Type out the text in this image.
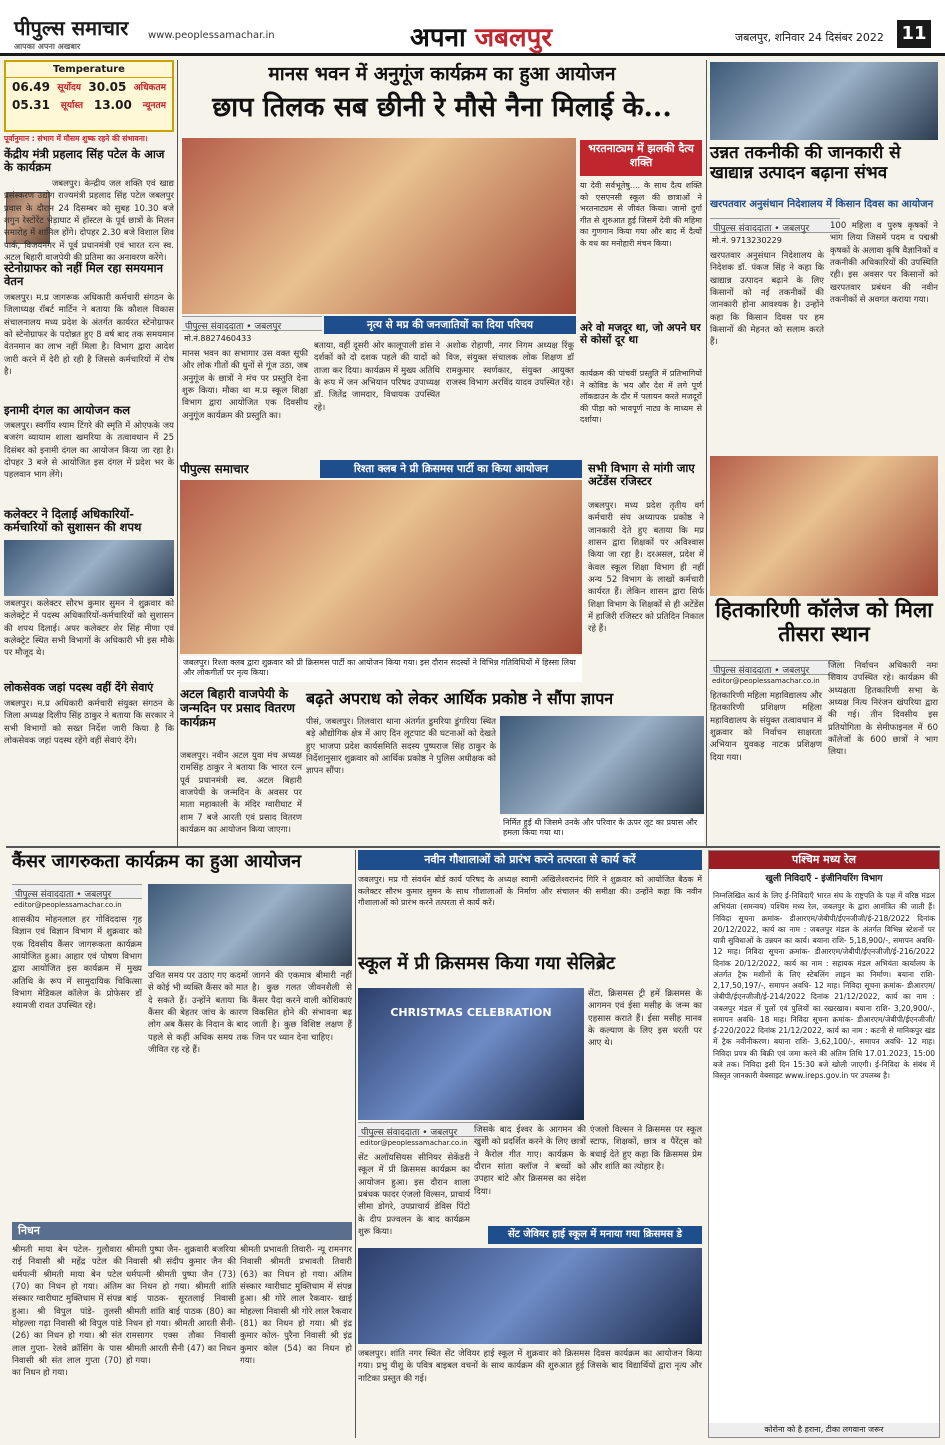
पीपुल्स समाचार
आपका अपना अखबार
www.peoplessamachar.in	अपना जबलपुर	जबलपुर, शनिवार 24 दिसंबर 2022 11
Temperature
06.49 सूर्योदय 30.05 अधिकतम
05.31 सूर्यास्त 13.00 न्यूनतम
पूर्वानुमान : संभाग में मौसम शुष्क रहने की संभावना।
केंद्रीय मंत्री प्रहलाद सिंह पटेल के आज के कार्यक्रम
जबलपुर। केन्द्रीय जल शक्ति एवं खाद्य प्रसंस्करण उद्योग राज्यमंत्री प्रहलाद सिंह पटेल जबलपुर प्रवास के दौरान 24 दिसम्बर को सुबह 10.30 बजे शगुन रेस्टोरेंट भेड़ाघाट में हॉस्टल के पूर्व छात्रों के मिलन समारोह में शामिल होंगे। दोपहर 2.30 बजे विशाल शिव पार्क, विजयनगर में पूर्व प्रधानमंत्री एवं भारत रत्न स्व. अटल बिहारी वाजपेयी की प्रतिमा का अनावरण करेंगे।
स्टेनोग्राफर को नहीं मिल रहा समयमान वेतन
जबलपुर। म.प्र जागरूक अधिकारी कर्मचारी संगठन के जिलाध्यक्ष रॉबर्ट मार्टिन ने बताया कि कौशल विकास संचालनालय मध्य प्रदेश के अंतर्गत कार्यरत स्टेनोग्राफर को स्टेनोग्राफर के पदोन्नत हुए 8 वर्ष बाद तक समयमान वेतनमान का लाभ नहीं मिला है। विभाग द्वारा आदेश जारी करने में देरी हो रही है जिससे कर्मचारियों में रोष है।
इनामी दंगल का आयोजन कल
जबलपुर। स्वर्गीय श्याम टिंगरे की स्मृति में ओएफके जय बजरंग व्यायाम शाला खमरिया के तत्वावधान में 25 दिसंबर को इनामी दंगल का आयोजन किया जा रहा है। दोपहर 3 बजे से आयोजित इस दंगल में प्रदेश भर के पहलवान भाग लेंगे।
कलेक्टर ने दिलाई अधिकारियों-कर्मचारियों को सुशासन की शपथ
जबलपुर। कलेक्टर सौरभ कुमार सुमन ने शुक्रवार को कलेक्ट्रेट में पदस्थ अधिकारियों-कर्मचारियों को सुशासन की शपथ दिलाई। अपर कलेक्टर शेर सिंह मीणा एवं कलेक्ट्रेट स्थित सभी विभागों के अधिकारी भी इस मौके पर मौजूद थे।
लोकसेवक जहां पदस्थ वहीं देंगे सेवाएं
जबलपुर। म.प्र अधिकारी कर्मचारी संयुक्त संगठन के जिला अध्यक्ष दिलीप सिंह ठाकुर ने बताया कि सरकार ने सभी विभागों को सख्त निर्देश जारी किया है कि लोकसेवक जहां पदस्थ रहेंगे वहीं सेवाएं देंगे।
मानस भवन में अनुगूंज कार्यक्रम का हुआ आयोजन
छाप तिलक सब छीनी रे मौसे नैना मिलाई के...
पीपुल्स संवाददाता • जबलपुर
मो.नं.8827460433
नृत्य से मप्र की जनजातियों का दिया परिचय
भरतनाट्यम में झलकी दैत्य शक्ति
या देवी सर्वभूतेषु.... के साथ दैत्य शक्ति को एसएनसी स्कूल की छात्राओं ने भरतनाट्यम से जीवंत किया। जामो दुर्गा गीत से शुरुआत हुई जिसमें देवी की महिमा का गुणगान किया गया और बाद में दैत्यों के वध का मनोहारी मंचन किया।
अरे वो मजदूर था, जो अपने घर से कोसों दूर था
कार्यक्रम की पांचवीं प्रस्तुति में प्रतिभागियों ने कोविड के भय और देश में लगे पूर्ण लॉकडाउन के दौर में पलायन करते मजदूरों की पीड़ा को भावपूर्ण नाट्य के माध्यम से दर्शाया।
मानस भवन का सभागार उस वक्त सूफी और लोक गीतों की धुनों से गूंज उठा, जब अनुगूंज के छात्रों ने मंच पर प्रस्तुति देना शुरू किया। मौका था म.प्र स्कूल शिक्षा विभाग द्वारा आयोजित एक दिवसीय अनुगूंज कार्यक्रम की प्रस्तुति का।
बताया, वहीं दूसरी ओर कालूपाली डांस ने दर्शकों को दो दशक पहले की यादों को ताजा कर दिया। कार्यक्रम में मुख्य अतिथि के रूप में जन अभियान परिषद उपाध्यक्ष डॉ. जितेंद्र जामदार, विधायक उपस्थित रहे।
अशोक रोहाणी, नगर निगम अध्यक्ष रिंकू विज, संयुक्त संचालक लोक शिक्षण डॉ रामकुमार स्वर्णकार, संयुक्त आयुक्त राजस्व विभाग अरविंद यादव उपस्थित रहे।
उन्नत तकनीकी की जानकारी से खाद्यान्न उत्पादन बढ़ाना संभव
खरपतवार अनुसंधान निदेशालय में किसान दिवस का आयोजन
पीपुल्स संवाददाता • जबलपुर
मो.नं. 9713230229
खरपतवार अनुसंधान निदेशालय के निदेशक डॉ. पंकज सिंह ने कहा कि खाद्यान्न उत्पादन बढ़ाने के लिए किसानों को नई तकनीकों की जानकारी होना आवश्यक है। उन्होंने कहा कि किसान दिवस पर हम किसानों की मेहनत को सलाम करते हैं।
100 महिला व पुरुष कृषकों ने भाग लिया जिसमें पदम व पद्मश्री कृषकों के अलावा कृषि वैज्ञानिकों व तकनीकी अधिकारियों की उपस्थिति रही। इस अवसर पर किसानों को खरपतवार प्रबंधन की नवीन तकनीकों से अवगत कराया गया।
पीपुल्स समाचार	रिश्ता क्लब ने प्री क्रिसमस पार्टी का किया आयोजन
जबलपुर। रिश्ता क्लब द्वारा शुक्रवार को प्री क्रिसमस पार्टी का आयोजन किया गया। इस दौरान सदस्यों ने विभिन्न गतिविधियों में हिस्सा लिया और लोकगीतों पर नृत्य किया।
सभी विभाग से मांगी जाए अटेंडेंस रजिस्टर
जबलपुर। मध्य प्रदेश तृतीय वर्ग कर्मचारी संघ अध्यापक प्रकोष्ठ ने जानकारी देते हुए बताया कि मप्र शासन द्वारा शिक्षकों पर अविश्वास किया जा रहा है। दरअसल, प्रदेश में केवल स्कूल शिक्षा विभाग ही नहीं अन्य 52 विभाग के लाखों कर्मचारी कार्यरत हैं। लेकिन शासन द्वारा सिर्फ शिक्षा विभाग के शिक्षकों से ही अटेंडेंस में हाजिरी रजिस्टर को प्रतिदिन निकाल रहे हैं।
हितकारिणी कॉलेज को मिला तीसरा स्थान
पीपुल्स संवाददाता • जबलपुर
editor@peoplessamachar.co.in
हितकारिणी महिला महाविद्यालय और हितकारिणी प्रशिक्षण महिला महाविद्यालय के संयुक्त तत्वावधान में शुक्रवार को निर्वाचन साक्षरता अभियान युवकड़ नाटक प्रशिक्षण दिया गया।
जिला निर्वाचन अधिकारी नमः शिवाय उपस्थित रहे। कार्यक्रम की अध्यक्षता हितकारिणी सभा के अध्यक्ष नित्य निरंजन खंपरिया द्वारा की गई। तीन दिवसीय इस प्रतियोगिता के सेमीफाइनल में 60 कॉलेजों के 600 छात्रों ने भाग लिया।
अटल बिहारी वाजपेयी के जन्मदिन पर प्रसाद वितरण कार्यक्रम
जबलपुर। नवीन अटल युवा मंच अध्यक्ष रामसिंह ठाकुर ने बताया कि भारत रत्न पूर्व प्रधानमंत्री स्व. अटल बिहारी वाजपेयी के जन्मदिन के अवसर पर माता महाकाली के मंदिर ग्वारीघाट में शाम 7 बजे आरती एवं प्रसाद वितरण कार्यक्रम का आयोजन किया जाएगा।
बढ़ते अपराध को लेकर आर्थिक प्रकोष्ठ ने सौंपा ज्ञापन
पीसं, जबलपुर। तिलवारा थाना अंतर्गत डुमरिया डुंगरिया स्थित बड़े औद्योगिक क्षेत्र में आए दिन लूटपाट की घटनाओं को देखते हुए भाजपा प्रदेश कार्यसमिति सदस्य पुष्पराज सिंह ठाकुर के निर्देशानुसार शुक्रवार को आर्थिक प्रकोष्ठ ने पुलिस अधीक्षक को ज्ञापन सौंपा।
निर्मित हुई थी जिसमे उनके और परिवार के ऊपर लूट का प्रयास और हमला किया गया था।
कैंसर जागरुकता कार्यक्रम का हुआ आयोजन
पीपुल्स संवाददाता • जबलपुर
editor@peoplessamachar.co.in
शासकीय मोहनलाल हर गोविंददास गृह विज्ञान एवं विज्ञान विभाग में शुक्रवार को एक दिवसीय कैंसर जागरूकता कार्यक्रम आयोजित हुआ। आहार एवं पोषण विभाग द्वारा आयोजित इस कार्यक्रम में मुख्य अतिथि के रूप में सामुदायिक चिकित्सा विभाग मेडिकल कॉलेज के प्रोफेसर डॉ श्यामजी रावत उपस्थित रहे।
उचित समय पर उठाए गए कदमों से कोई भी व्यक्ति कैंसर को मात दे सकते हैं। उन्होंने बताया कि कैंसर की बेहतर जांच के कारण लोग अब कैंसर के निदान के बाद पहले से कहीं अधिक समय तक जीवित रह रहे हैं।
जागने की एकमात्र बीमारी नहीं है। कुछ गलत जीवनशैली से कैंसर पैदा करने वाली कोशिकाएं विकसित होने की संभावना बढ़ जाती है। कुछ विशिष्ट लक्षण हैं जिन पर ध्यान देना चाहिए।
नवीन गौशालाओं को प्रारंभ करने तत्परता से कार्य करें
जबलपुर। मप्र गौ संवर्धन बोर्ड कार्य परिषद के अध्यक्ष स्वामी अखिलेश्वरानंद गिरि ने शुक्रवार को आयोजित बैठक में कलेक्टर सौरभ कुमार सुमन के साथ गौशालाओं के निर्माण और संचालन की समीक्षा की। उन्होंने कहा कि नवीन गौशालाओं को प्रारंभ करने तत्परता से कार्य करें।
स्कूल में प्री क्रिसमस किया गया सेलिब्रेट
CHRISTMAS CELEBRATION
सेंटा, क्रिसमस ट्री हमें क्रिसमस के आगमन एवं ईसा मसीह के जन्म का एहसास कराते हैं। ईसा मसीह मानव के कल्याण के लिए इस धरती पर आए थे।
पीपुल्स संवाददाता • जबलपुर
editor@peoplessamachar.co.in
सेंट अलॉयसियस सीनियर सेकेंडरी स्कूल में प्री क्रिसमस कार्यक्रम का आयोजन हुआ। इस दौरान शाला प्रबंधक फादर एंजलो विल्सन, प्राचार्य सीमा डोगरे, उपप्राचार्य डेविस पिंटो के दीप प्रज्वलन के बाद कार्यक्रम शुरू किया।
जिसके बाद ईश्वर के आगमन की खुशी को प्रदर्शित करने के लिए छात्रों ने कैरोल गीत गाए। कार्यक्रम के दौरान सांता क्लॉज ने बच्चों को उपहार बांटे और क्रिसमस का संदेश दिया।
एंजलो विल्सन ने क्रिसमस पर स्कूल स्टाफ, शिक्षकों, छात्र व पैरेंट्स को बधाई देते हुए कहा कि क्रिसमस प्रेम और शांति का त्योहार है।
सेंट जेवियर हाई स्कूल में मनाया गया क्रिसमस डे
जबलपुर। शांति नगर स्थित सेंट जेवियर हाई स्कूल में शुक्रवार को क्रिसमस दिवस कार्यक्रम का आयोजन किया गया। प्रभु यीशु के पवित्र बाइबल वचनों के साथ कार्यक्रम की शुरुआत हुई जिसके बाद विद्यार्थियों द्वारा नृत्य और नाटिका प्रस्तुत की गई।
निधन
श्रीमती माया बेन पटेल- गुलौवारा राई निवासी श्री महेंद्र पटेल की धर्मपत्नी श्रीमती माया बेन पटेल (70) का निधन हो गया। अंतिम संस्कार ग्वारीघाट मुक्तिधाम में संपन्न हुआ। श्री विपुल पांडे- तुलसी मोहल्ला गढ़ा निवासी श्री विपुल पांडे (26) का निधन हो गया। श्री संत लाल गुप्ता- रेलवे क्रॉसिंग के पास निवासी श्री संत लाल गुप्ता (70) का निधन हो गया।
श्रीमती पुष्पा जैन- शुक्रवारी बजरिया निवासी श्री संदीप कुमार जैन की धर्मपत्नी श्रीमती पुष्पा जैन (73) का निधन हो गया। श्रीमती शांति बाई पाठक- सूरतलाई निवासी श्रीमती शांति बाई पाठक (80) का निधन हो गया। श्रीमती आरती सैनी- रामसागर एक्स तौका निवासी श्रीमती आरती सैनी (47) का निधन हो गया।
श्रीमती प्रभावती तिवारी- न्यू रामनगर निवासी श्रीमती प्रभावती तिवारी (63) का निधन हो गया। अंतिम संस्कार ग्वारीघाट मुक्तिधाम में संपन्न हुआ। श्री गोरे लाल रैकवार- खाई मोहल्ला निवासी श्री गोरे लाल रैकवार (81) का निधन हो गया। श्री इंद्र कुमार कोल- पुरैना निवासी श्री इंद्र कुमार कोल (54) का निधन हो गया।
पश्चिम मध्य रेल
खुली निविदाएँ - इंजीनियरिंग विभाग
निम्नलिखित कार्य के लिए ई-निविदाएँ भारत संघ के राष्ट्रपति के पक्ष में वरिष्ठ मंडल अभियंता (समन्वय) पश्चिम मध्य रेल, जबलपुर के द्वारा आमंत्रित की जाती हैं। निविदा सूचना क्रमांक- डीआरएम/जेबीपी/ईएनजीजी/ई-218/2022 दिनांक 20/12/2022, कार्य का नाम : जबलपुर मंडल के अंतर्गत विभिन्न स्टेशनों पर यात्री सुविधाओं के उन्नयन का कार्य। बयाना राशि- 5,18,900/-, समापन अवधि- 12 माह। निविदा सूचना क्रमांक- डीआरएम/जेबीपी/ईएनजीजी/ई-216/2022 दिनांक 20/12/2022, कार्य का नाम : सहायक मंडल अभियंता कार्यालय के अंतर्गत ट्रैक मशीनों के लिए स्टेबलिंग लाइन का निर्माण। बयाना राशि- 2,17,50,197/-, समापन अवधि- 12 माह। निविदा सूचना क्रमांक- डीआरएम/जेबीपी/ईएनजीजी/ई-214/2022 दिनांक 21/12/2022, कार्य का नाम : जबलपुर मंडल में पुलों एवं पुलियों का रखरखाव। बयाना राशि- 3,20,900/-, समापन अवधि- 18 माह। निविदा सूचना क्रमांक- डीआरएम/जेबीपी/ईएनजीजी/ई-220/2022 दिनांक 21/12/2022, कार्य का नाम : कटनी से मानिकपुर खंड में ट्रैक नवीनीकरण। बयाना राशि- 3,62,100/-, समापन अवधि- 12 माह। निविदा प्रपत्र की बिक्री एवं जमा करने की अंतिम तिथि 17.01.2023, 15:00 बजे तक। निविदा इसी दिन 15:30 बजे खोली जाएगी। ई-निविदा के संबंध में विस्तृत जानकारी वेबसाइट www.ireps.gov.in पर उपलब्ध है।
कोरोना को है हराना, टीका लगवाना जरूर
